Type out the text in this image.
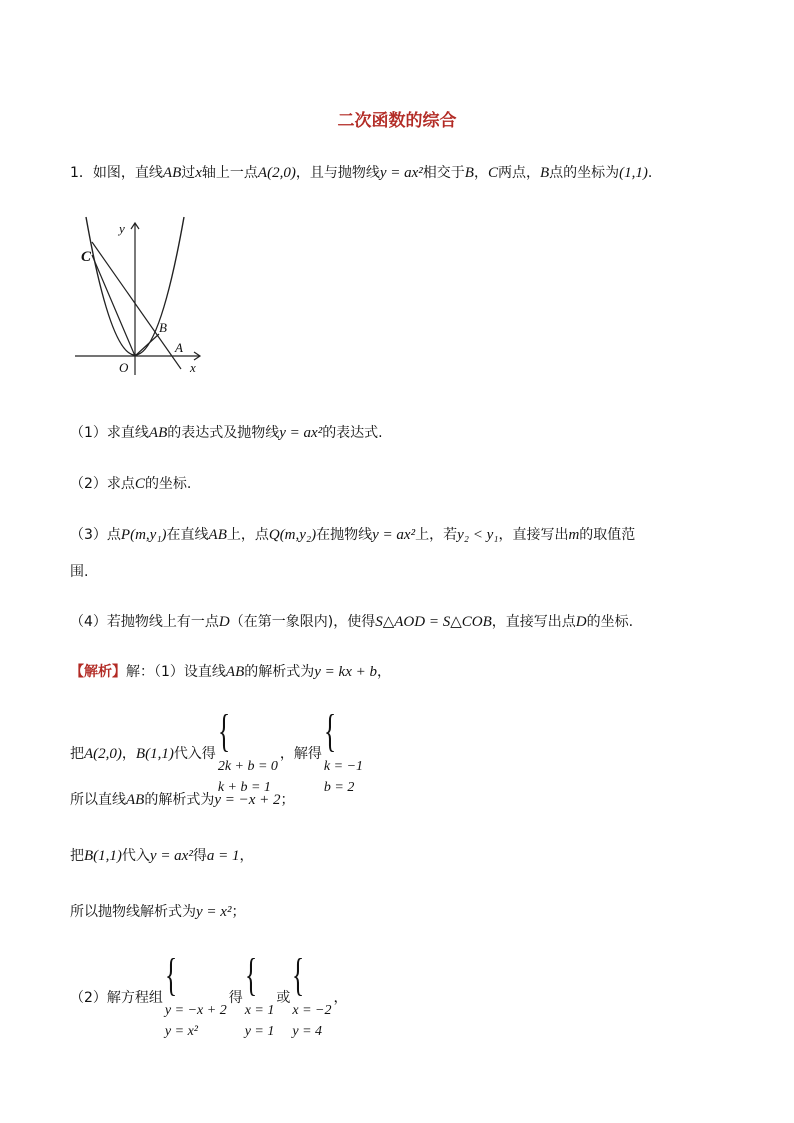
二次函数的综合
1．如图，直线AB过x轴上一点A(2,0)，且与抛物线y = ax²相交于B，C两点，B点的坐标为(1,1).
y
x
O
A
B
C
（1）求直线AB的表达式及抛物线y = ax²的表达式.
（2）求点C的坐标.
（3）点P(m,y₁)在直线AB上，点Q(m,y₂)在抛物线y = ax²上，若y₂ < y₁，直接写出m的取值范
围.
（4）若抛物线上有一点D（在第一象限内)，使得S△AOD = S△COB，直接写出点D的坐标.
【解析】解：（1）设直线AB的解析式为y = kx + b，
把A(2,0)，B(1,1)代入得 {
2k + b = 0
k + b = 1
，解得 {
k = −1
b = 2
所以直线AB的解析式为y = −x + 2；
把B(1,1)代入y = ax²得a = 1，
所以抛物线解析式为y = x²；
（2）解方程组 {
y = −x + 2
y = x²
得 {
x = 1
y = 1
或 {
x = −2
y = 4
，
